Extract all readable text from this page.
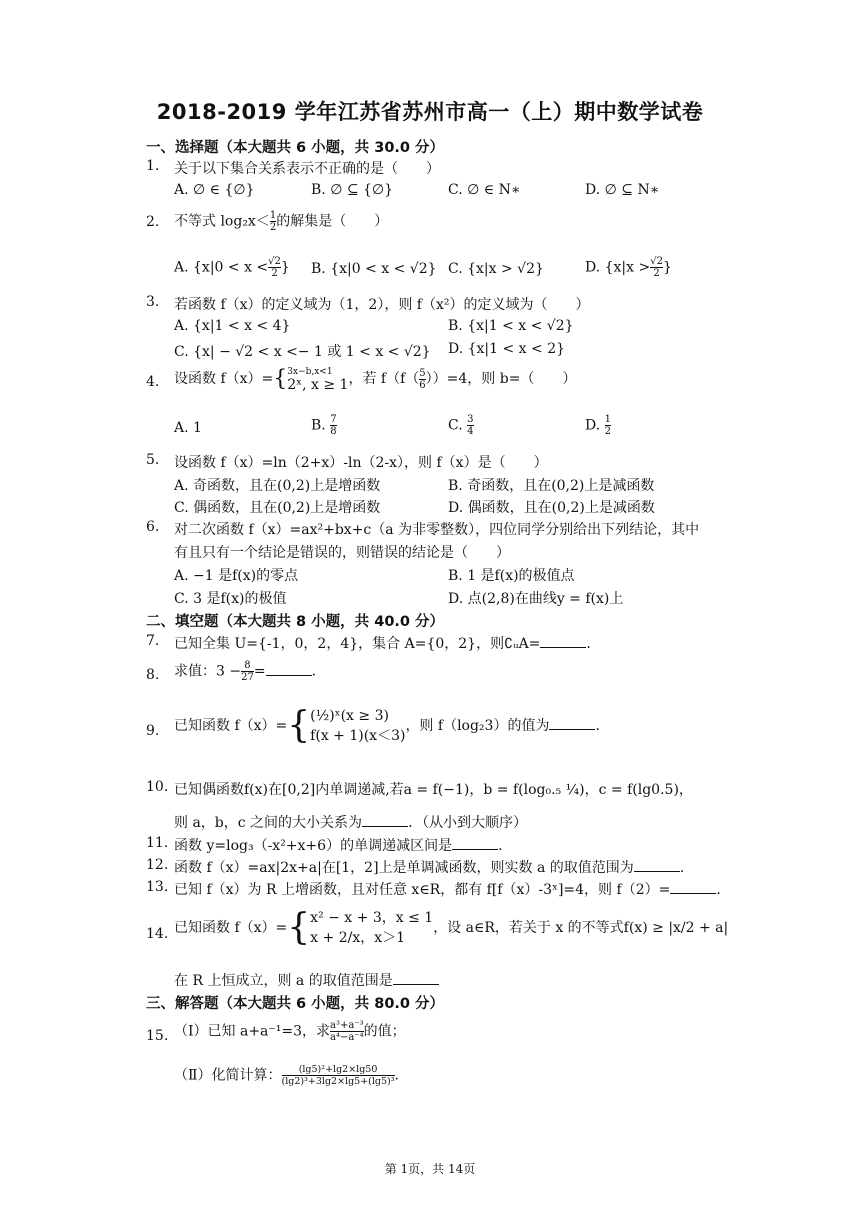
2018-2019 学年江苏省苏州市高一（上）期中数学试卷
一、选择题（本大题共 6 小题，共 30.0 分）
1.	关于以下集合关系表示不正确的是（　　）
A. ∅ ∈ {∅}	B. ∅ ⊆ {∅}	C. ∅ ∈ N∗	D. ∅ ⊆ N∗
2.	不等式 $\log_2x< \frac{1}{2}$ 的解集是（　　）
A. {$x|0 < x < \frac{√2}{2}$ } B. {x|0 < x < √2} C. {x|x > √2}	D. {$x|x > \frac{√2}{2}$ }
3.	若函数 f（x）的定义域为（1，2），则 f（x²）的定义域为（　　）
A. {x|1 < x < 4}	B. {x|1 < x < √2}
C. {x| − √2 < x <− 1 或 1 < x < √2} D. {x|1 < x < 2}
4.	设函数 f（x）={ 3x−b,x<1
2ˣ, x ≥ 1 ，若 $f(f( \frac{5}{6} ))=4$，则 b=（　　）
A. 1	B. $\frac{7}{8}$	C. $\frac{3}{4}$	D. $\frac{1}{2}$
5.	设函数 f（x）=ln（2+x）-ln（2-x），则 f（x）是（　　）
A. 奇函数，且在(0,2)上是增函数	B. 奇函数，且在(0,2)上是减函数
C. 偶函数，且在(0,2)上是增函数	D. 偶函数，且在(0,2)上是减函数
6.	对二次函数 f（x）=ax²+bx+c（a 为非零整数），四位同学分别给出下列结论，其中
有且只有一个结论是错误的，则错误的结论是（　　）
A. −1 是f(x)的零点	B. 1 是f(x)的极值点
C. 3 是f(x)的极值	D. 点(2,8)在曲线y = f(x)上
二、填空题（本大题共 8 小题，共 40.0 分）
7.	已知全集 U={-1，0，2，4}，集合 A={0，2}，则∁ᵤA=	.
8.	求值：$3 - \frac{8}{27}$ =	.
9.	已知函数 f（x）={ (½)ˣ(x ≥ 3)
f(x + 1)(x＜3)
，则 f（log₂3）的值为	.
10. 已知偶函数f(x)在[0,2]内单调递减,若a = f(−1)，b = f(log₀.₅ ¼)，c = f(lg0.5)，
则 a，b，c 之间的大小关系为	．（从小到大顺序）
11. 函数 y=log₃（-x²+x+6）的单调递减区间是	.
12. 函数 f（x）=ax|2x+a|在[1，2]上是单调减函数，则实数 a 的取值范围为	.
13. 已知 f（x）为 R 上增函数，且对任意 x∈R，都有 f[f（x）-3ˣ]=4，则 f（2）=	.
14. 已知函数 f（x）={ x² − x + 3，x ≤ 1
x + 2/x，x＞1
，设 a∈R，若关于 x 的不等式f(x) ≥ |x/2 + a|
在 R 上恒成立，则 a 的取值范围是
三、解答题（本大题共 6 小题，共 80.0 分）
15. （Ⅰ）已知 a+a⁻¹=3，求 $\frac{\text{a³+a⁻³}}{\text{a⁴−a⁻⁴}}$ 的值；
（Ⅱ）化简计算： $\frac{\text{(lg5)²+lg2×lg50}}{\text{(lg2)³+3lg2×lg5+(lg5)³}}$ .
第 1页，共 14页
